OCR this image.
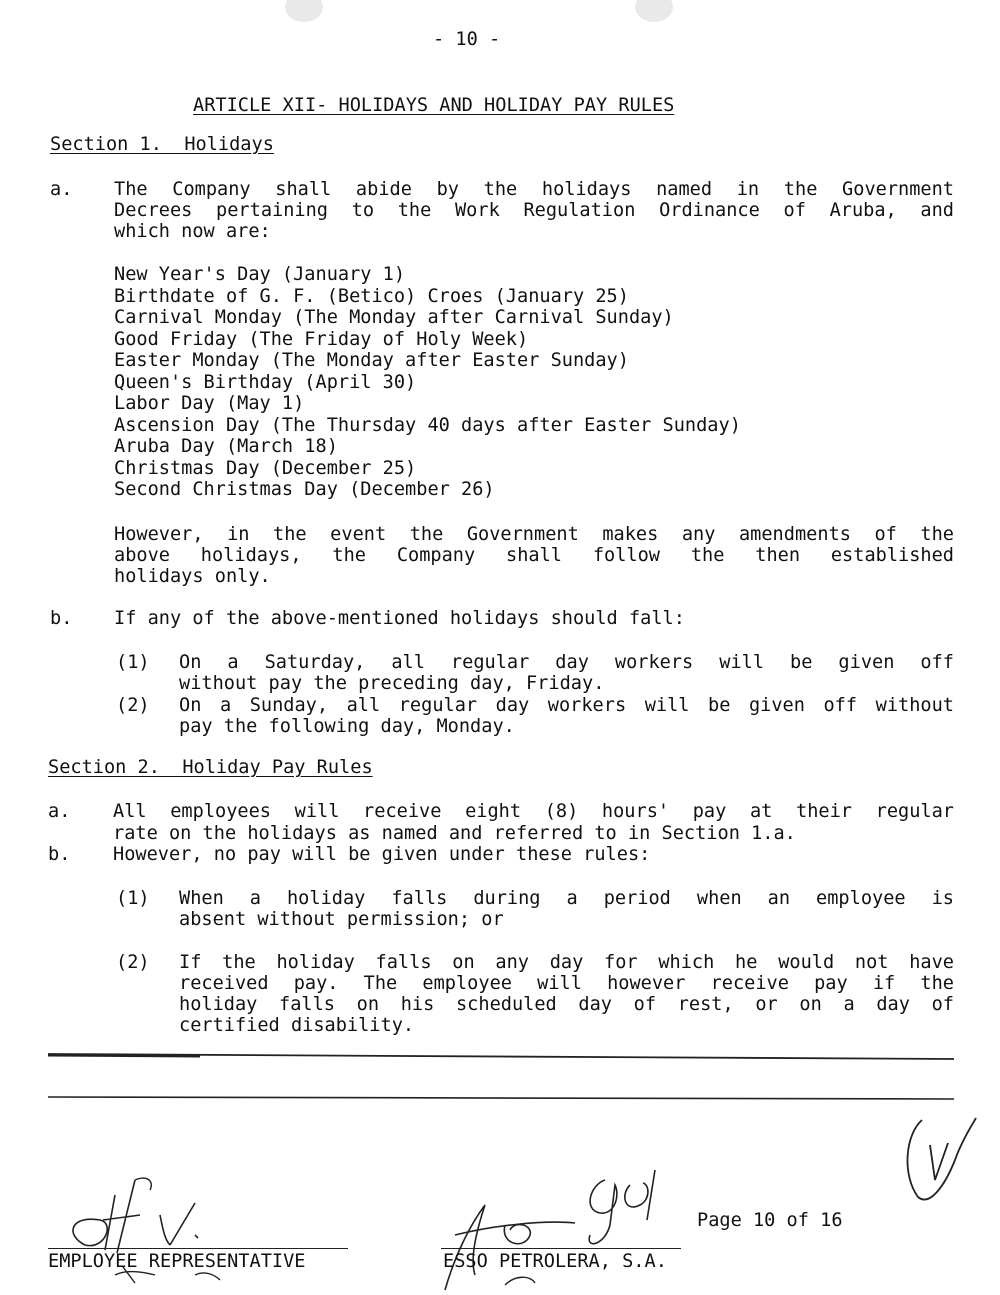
- 10 -
ARTICLE XII- HOLIDAYS AND HOLIDAY PAY RULES
Section 1.  Holidays
a. The Company shall abide by the holidays named in the Government
Decrees pertaining to the Work Regulation Ordinance of Aruba, and
which now are:
New Year's Day (January 1)
Birthdate of G. F. (Betico) Croes (January 25)
Carnival Monday (The Monday after Carnival Sunday)
Good Friday (The Friday of Holy Week)
Easter Monday (The Monday after Easter Sunday)
Queen's Birthday (April 30)
Labor Day (May 1)
Ascension Day (The Thursday 40 days after Easter Sunday)
Aruba Day (March 18)
Christmas Day (December 25)
Second Christmas Day (December 26)
However, in the event the Government makes any amendments of the
above holidays, the Company shall follow the then established
holidays only.
b. If any of the above-mentioned holidays should fall:
(1) On a Saturday, all regular day workers will be given off
without pay the preceding day, Friday.
(2) On a Sunday, all regular day workers will be given off without
pay the following day, Monday.
Section 2.  Holiday Pay Rules
a. All employees will receive eight (8) hours' pay at their regular
rate on the holidays as named and referred to in Section 1.a.
b. However, no pay will be given under these rules:
(1) When a holiday falls during a period when an employee is
absent without permission; or
(2) If the holiday falls on any day for which he would not have
received pay. The employee will however receive pay if the
holiday falls on his scheduled day of rest, or on a day of
certified disability.
Page 10 of 16
EMPLOYEE REPRESENTATIVE	ESSO PETROLERA, S.A.
